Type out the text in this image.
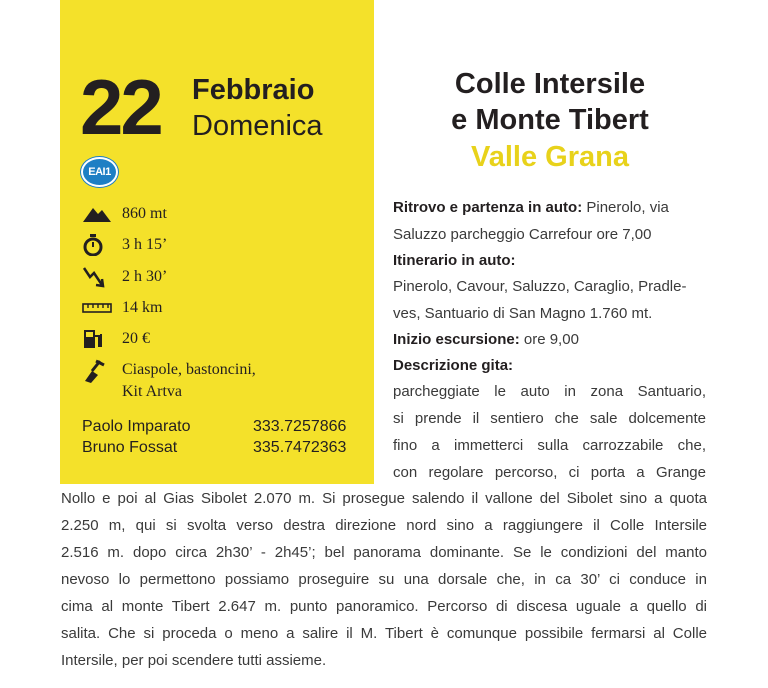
22 Febbraio
Domenica
EAI1
860 mt
3 h 15’
2 h 30’
14 km
20 €
Ciaspole, bastoncini,
Kit Artva
Paolo Imparato	333.7257866
Bruno Fossat	335.7472363
Colle Intersile
e Monte Tibert
Valle Grana
Ritrovo e partenza in auto: Pinerolo, via
Saluzzo parcheggio Carrefour ore 7,00
Itinerario in auto:
Pinerolo, Cavour, Saluzzo, Caraglio, Pradle-
ves, Santuario di San Magno 1.760 mt.
Inizio escursione: ore 9,00
Descrizione gita:
parcheggiate le auto in zona Santuario,
si prende il sentiero che sale dolcemente
fino a immetterci sulla carrozzabile che,
con regolare percorso, ci porta a Grange
Nollo e poi al Gias Sibolet 2.070 m. Si prosegue salendo il vallone del Sibolet sino a quota
2.250 m, qui si svolta verso destra direzione nord sino a raggiungere il Colle Intersile
2.516 m. dopo circa 2h30’ - 2h45’; bel panorama dominante. Se le condizioni del manto
nevoso lo permettono possiamo proseguire su una dorsale che, in ca 30’ ci conduce in
cima al monte Tibert 2.647 m. punto panoramico. Percorso di discesa uguale a quello di
salita. Che si proceda o meno a salire il M. Tibert è comunque possibile fermarsi al Colle
Intersile, per poi scendere tutti assieme.
